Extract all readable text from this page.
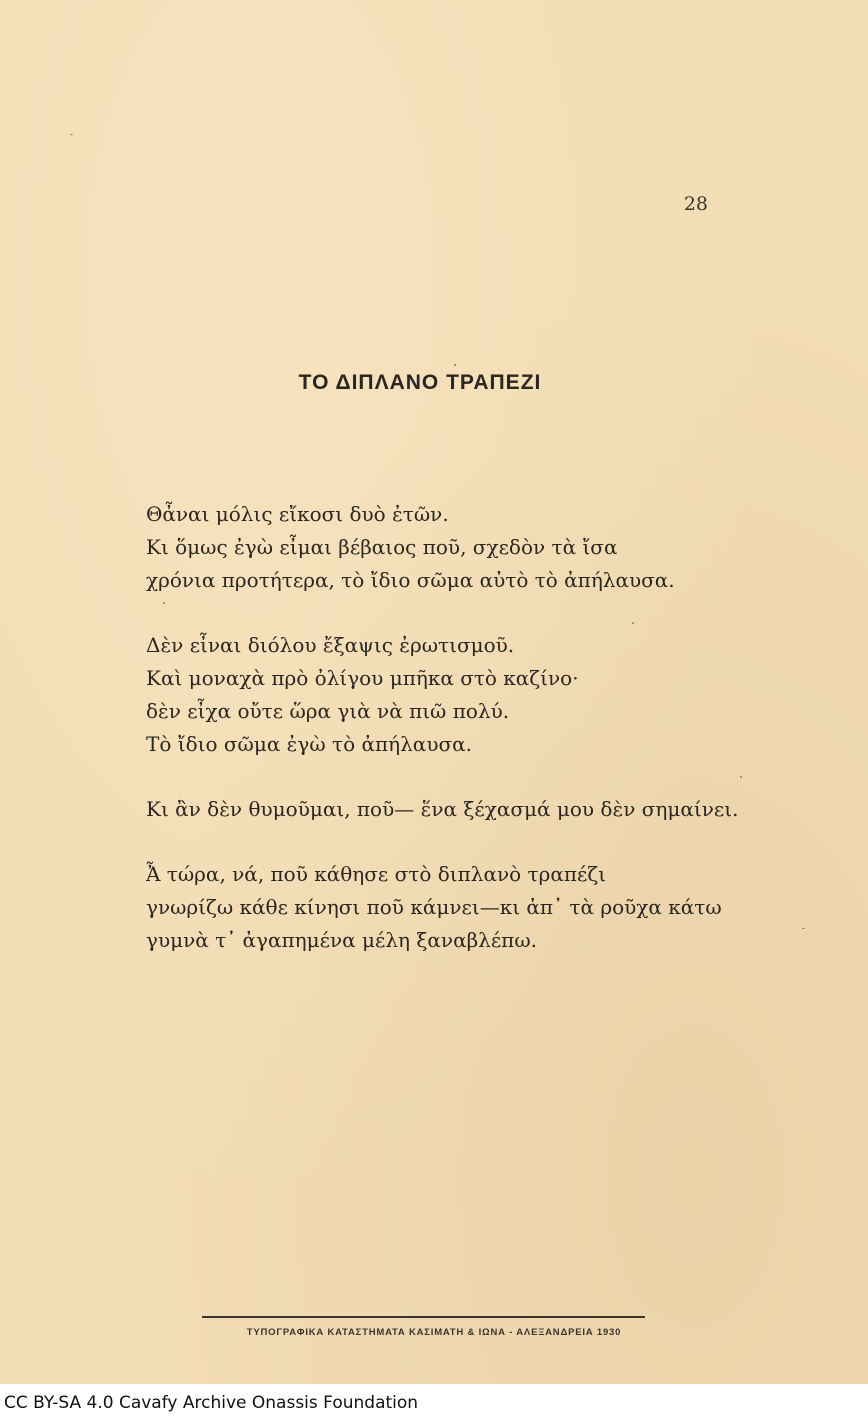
28

ΤΟ ΔΙΠΛΑΝΟ ΤΡΑΠΕΖΙ
Θἆναι μόλις εἴκοσι δυὸ ἐτῶν.
Κι ὅμως ἐγὼ εἶμαι βέβαιος ποῦ, σχεδὸν τὰ ἴσα
χρόνια προτήτερα, τὸ ἴδιο σῶμα αὐτὸ τὸ ἀπήλαυσα.
Δὲν εἶναι διόλου ἔξαψις ἐρωτισμοῦ.
Καὶ μοναχὰ πρὸ ὀλίγου μπῆκα στὸ καζίνο·
δὲν εἶχα οὔτε ὥρα γιὰ νὰ πιῶ πολύ.
Τὸ ἴδιο σῶμα ἐγὼ τὸ ἀπήλαυσα.
Κι ἂν δὲν θυμοῦμαι, ποῦ— ἕνα ξέχασμά μου δὲν σημαίνει.
Ἆ τώρα, νά, ποῦ κάθησε στὸ διπλανὸ τραπέζι
γνωρίζω κάθε κίνησι ποῦ κάμνει—κι ἀπ᾽ τὰ ροῦχα κάτω
γυμνὰ τ᾽ ἀγαπημένα μέλη ξαναβλέπω.

ΤΥΠΟΓΡΑΦΙΚΑ ΚΑΤΑΣΤΗΜΑΤΑ ΚΑΣΙΜΑΤΗ & ΙΩΝΑ - ΑΛΕΞΑΝΔΡΕΙΑ 1930

CC BY-SA 4.0 Cavafy Archive Onassis Foundation
